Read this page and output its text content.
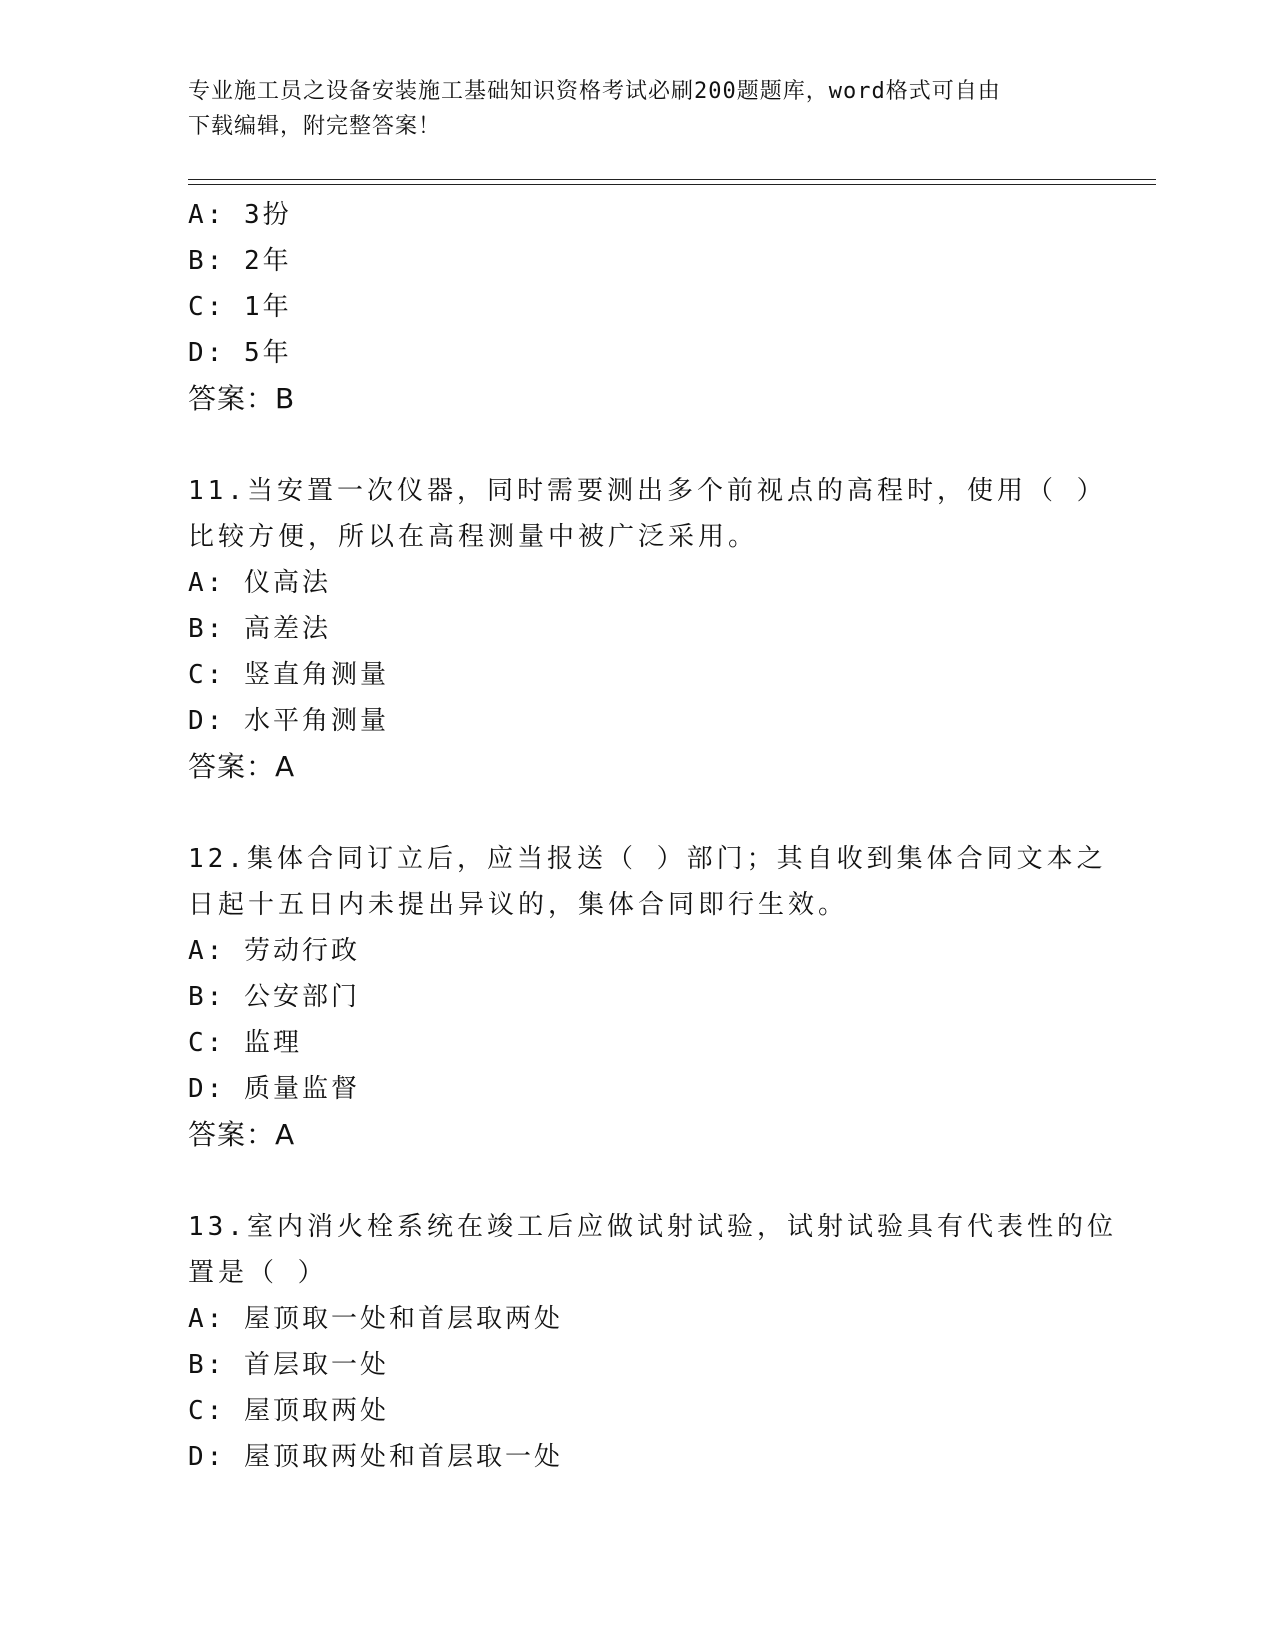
专业施工员之设备安装施工基础知识资格考试必刷200题题库，word格式可自由
下载编辑，附完整答案！
A: 3扮
B: 2年
C: 1年
D: 5年
答案：B
11.当安置一次仪器，同时需要测出多个前视点的高程时，使用（ ）
比较方便，所以在高程测量中被广泛采用。
A: 仪高法
B: 高差法
C: 竖直角测量
D: 水平角测量
答案：A
12.集体合同订立后，应当报送（ ）部门；其自收到集体合同文本之
日起十五日内未提出异议的，集体合同即行生效。
A: 劳动行政
B: 公安部门
C: 监理
D: 质量监督
答案：A
13.室内消火栓系统在竣工后应做试射试验，试射试验具有代表性的位
置是（ ）
A: 屋顶取一处和首层取两处
B: 首层取一处
C: 屋顶取两处
D: 屋顶取两处和首层取一处
